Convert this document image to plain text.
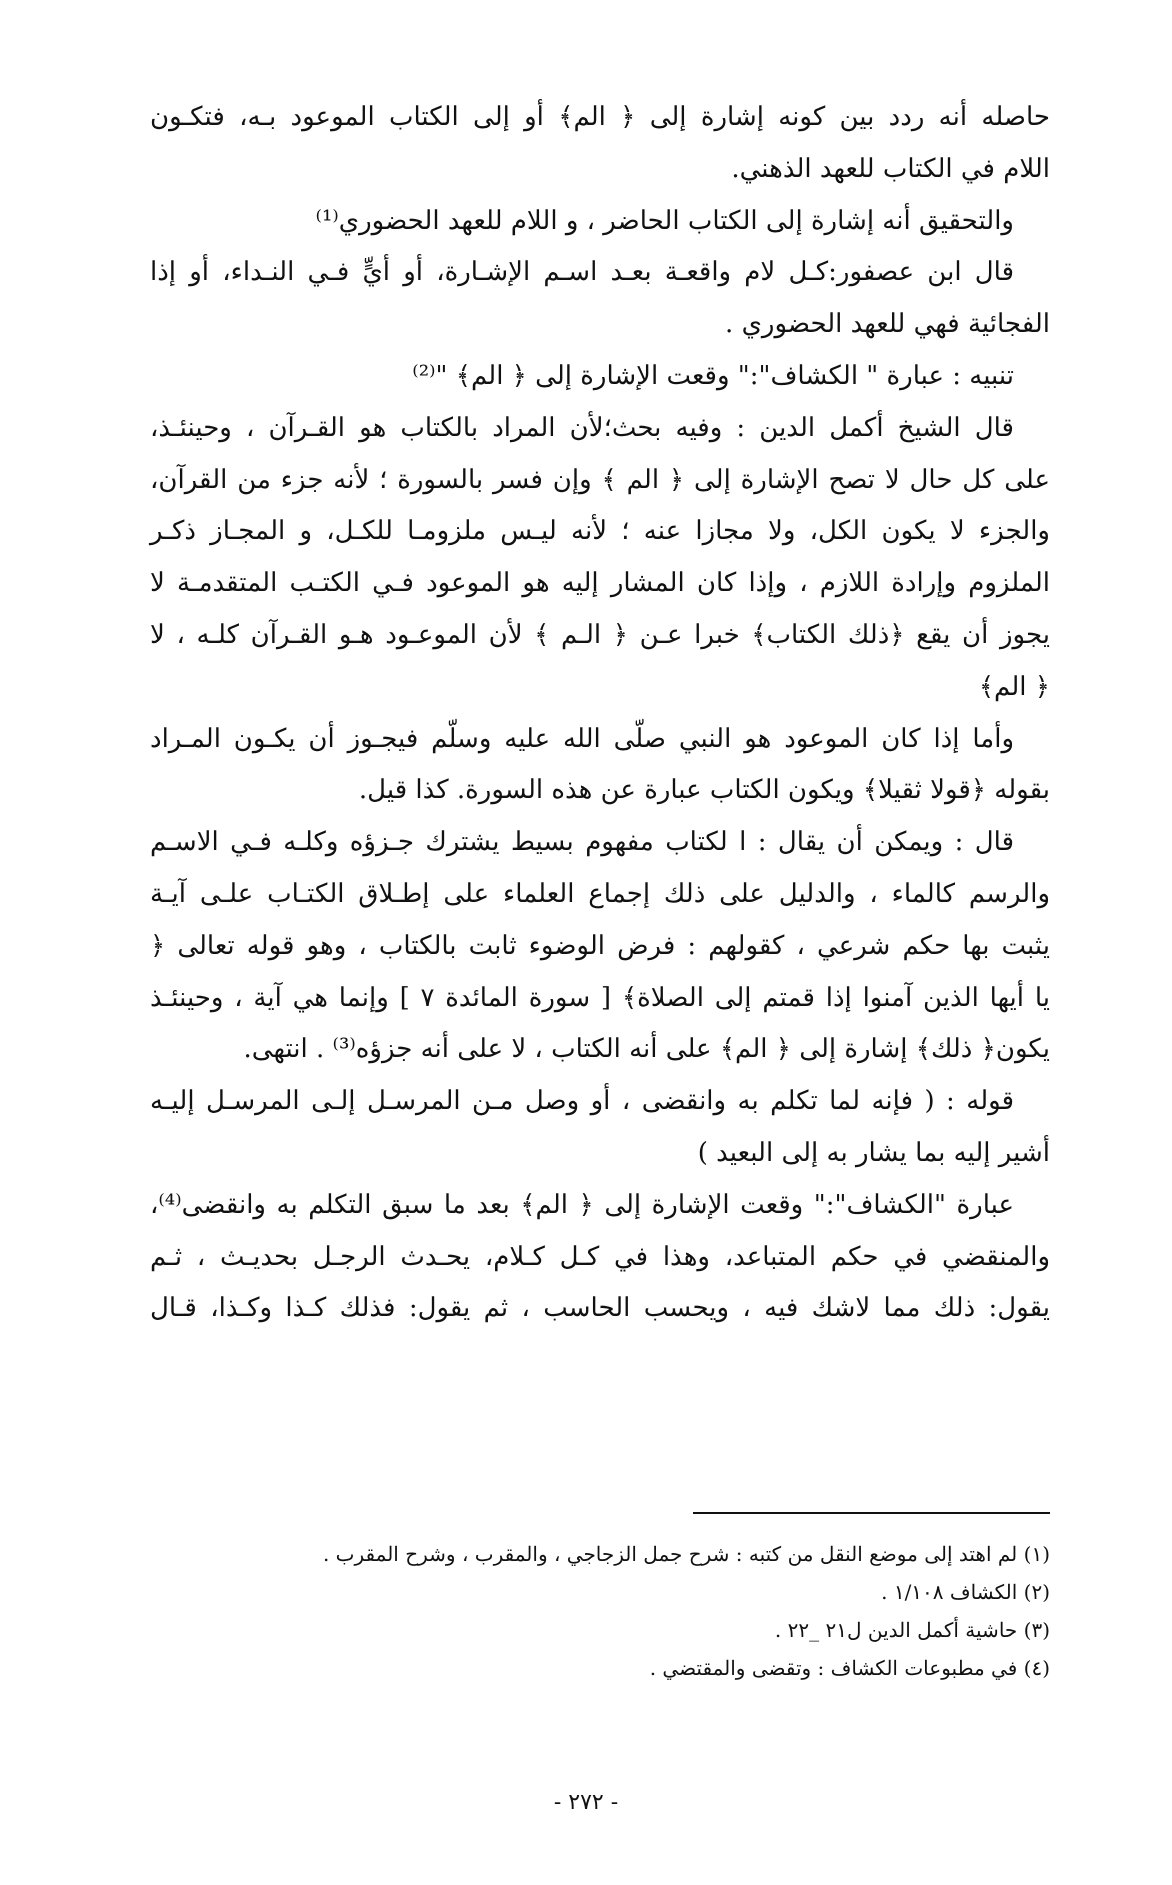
حاصله أنه ردد بين كونه إشارة إلى ﴿ الم﴾ أو إلى الكتاب الموعود بـه، فتكـون
اللام في الكتاب للعهد الذهني.
والتحقيق أنه إشارة إلى الكتاب الحاضر ، و اللام للعهد الحضوري⁽¹⁾
قال ابن عصفور:كـل لام واقعـة بعـد اسـم الإشـارة، أو أيٍّ فـي النـداء، أو إذا
الفجائية فهي للعهد الحضوري .
تنبيه : عبارة " الكشاف":" وقعت الإشارة إلى ﴿ الم﴾ "⁽²⁾
قال الشيخ أكمل الدين : وفيه بحث؛لأن المراد بالكتاب هو القـرآن ، وحينئـذ،
على كل حال لا تصح الإشارة إلى ﴿ الم ﴾ وإن فسر بالسورة ؛ لأنه جزء من القرآن،
والجزء لا يكون الكل، ولا مجازا عنه ؛ لأنه ليـس ملزومـا للكـل، و المجـاز ذكـر
الملزوم وإرادة اللازم ، وإذا كان المشار إليه هو الموعود فـي الكتـب المتقدمـة لا
يجوز أن يقع ﴿ذلك الكتاب﴾ خبرا عـن ﴿ الـم ﴾ لأن الموعـود هـو القـرآن كلـه ، لا
﴿ الم﴾
وأما إذا كان الموعود هو النبي صلّى الله عليه وسلّم فيجـوز أن يكـون المـراد
بقوله ﴿قولا ثقيلا﴾ ويكون الكتاب عبارة عن هذه السورة. كذا قيل.
قال : ويمكن أن يقال : ا لكتاب مفهوم بسيط يشترك جـزؤه وكلـه فـي الاسـم
والرسم كالماء ، والدليل على ذلك إجماع العلماء على إطـلاق الكتـاب علـى آيـة
يثبت بها حكم شرعي ، كقولهم : فرض الوضوء ثابت بالكتاب ، وهو قوله تعالى ﴿
يا أيها الذين آمنوا إذا قمتم إلى الصلاة﴾ [ سورة المائدة ٧ ] وإنما هي آية ، وحينئـذ
يكون﴿ ذلك﴾ إشارة إلى ﴿ الم﴾ على أنه الكتاب ، لا على أنه جزؤه⁽³⁾ . انتهى.
قوله : ( فإنه لما تكلم به وانقضى ، أو وصل مـن المرسـل إلـى المرسـل إليـه
أشير إليه بما يشار به إلى البعيد )
عبارة "الكشاف":" وقعت الإشارة إلى ﴿ الم﴾ بعد ما سبق التكلم به وانقضى⁽⁴⁾،
والمنقضي في حكم المتباعد، وهذا في كـل كـلام، يحـدث الرجـل بحديـث ، ثـم
يقول: ذلك مما لاشك فيه ، ويحسب الحاسب ، ثم يقول: فذلك كـذا وكـذا، قـال
(١) لم اهتد إلى موضع النقل من كتبه : شرح جمل الزجاجي ، والمقرب ، وشرح المقرب .
(٢) الكشاف ١/١٠٨ .
(٣) حاشية أكمل الدين ل٢١ _٢٢ .
(٤) في مطبوعات الكشاف : وتقضى والمقتضي .
- ٢٧٢ -
